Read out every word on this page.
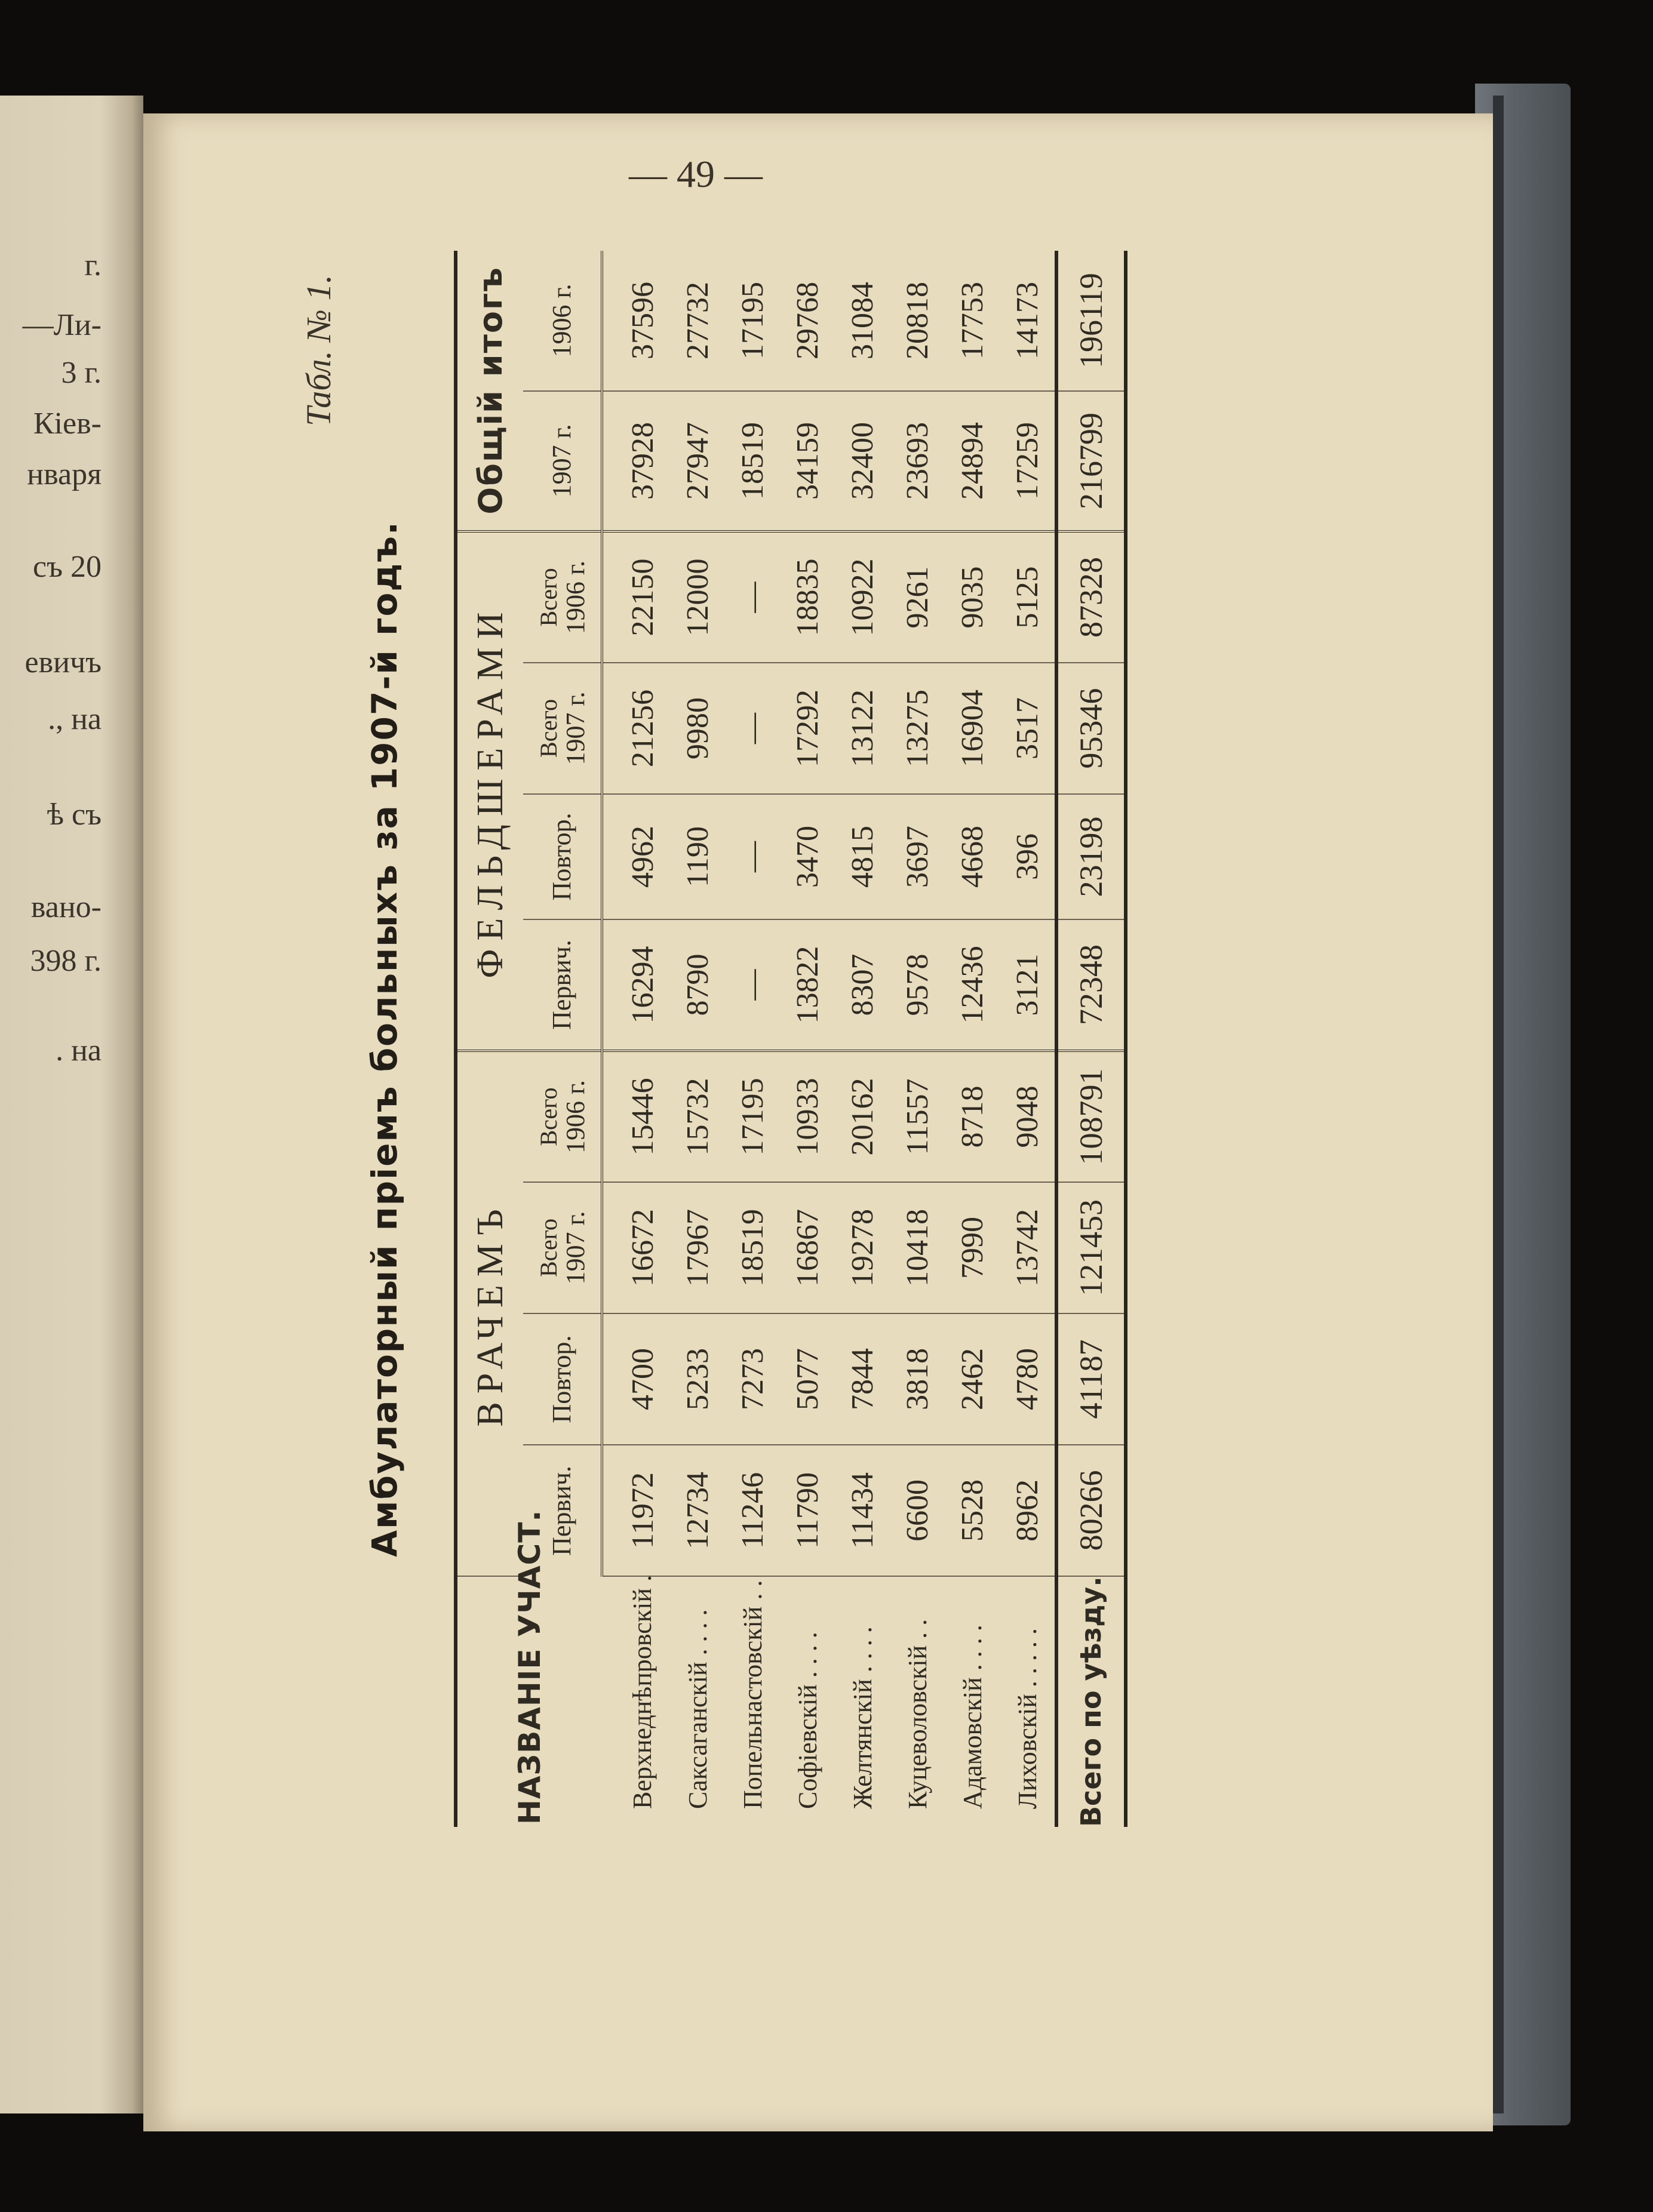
г.
—Ли-
3 г.
Кіев-
нваря
съ 20
евичъ
., на
ѣ съ
вано-
398 г.
. на
— 49 —
Табл. № 1.
Амбулаторный пріемъ больныхъ за 1907-й годъ.
НАЗВАНІЕ УЧАСТ.	ВРАЧЕМЪ				ФЕЛЬДШЕРАМИ				Общій итогъ	
	Первич.	Повтор.	Всего
1907 г.	Всего
1906 г.	Первич.	Повтор.	Всего
1907 г.	Всего
1906 г.	1907 г.	1906 г.
Верхнеднѣпровскій .	11972	4700	16672	15446	16294	4962	21256	22150	37928	37596
Саксаганскій . . . .	12734	5233	17967	15732	8790	1190	9980	12000	27947	27732
Попельнастовскій . .	11246	7273	18519	17195	—	—	—	—	18519	17195
Софіевскій . . . .	11790	5077	16867	10933	13822	3470	17292	18835	34159	29768
Желтянскій . . . .	11434	7844	19278	20162	8307	4815	13122	10922	32400	31084
Куцеволовскій . .	6600	3818	10418	11557	9578	3697	13275	9261	23693	20818
Адамовскій . . . .	5528	2462	7990	8718	12436	4668	16904	9035	24894	17753
Лиховскій . . . . .	8962	4780	13742	9048	3121	396	3517	5125	17259	14173
Всего по уѣзду.	80266	41187	121453	108791	72348	23198	95346	87328	216799	196119
